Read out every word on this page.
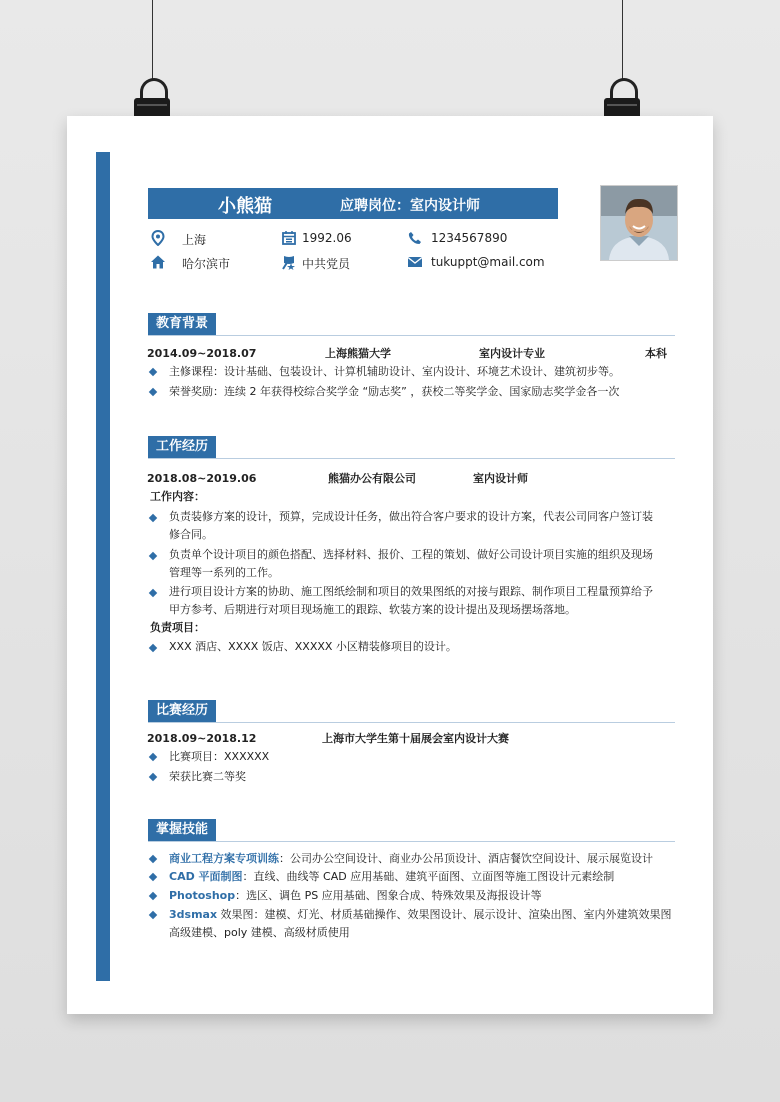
小熊猫	应聘岗位：室内设计师
上海	1992.06	1234567890
哈尔滨市	中共党员	tukuppt@mail.com
教育背景
2014.09~2018.07	上海熊猫大学	室内设计专业	本科
主修课程：设计基础、包装设计、计算机辅助设计、室内设计、环境艺术设计、建筑初步等。
荣誉奖励：连续 2 年获得校综合奖学金 “励志奖” ，获校二等奖学金、国家励志奖学金各一次
工作经历
2018.08~2019.06	熊猫办公有限公司	室内设计师
工作内容：
负责装修方案的设计，预算，完成设计任务，做出符合客户要求的设计方案，代表公司同客户签订装
修合同。
负责单个设计项目的颜色搭配、选择材料、报价、工程的策划、做好公司设计项目实施的组织及现场
管理等一系列的工作。
进行项目设计方案的协助、施工图纸绘制和项目的效果图纸的对接与跟踪、制作项目工程量预算给予
甲方参考、后期进行对项目现场施工的跟踪、软装方案的设计提出及现场摆场落地。
负责项目：
XXX 酒店、XXXX 饭店、XXXXX 小区精装修项目的设计。
比赛经历
2018.09~2018.12	上海市大学生第十届展会室内设计大赛
比赛项目：XXXXXX
荣获比赛二等奖
掌握技能
商业工程方案专项训练：公司办公空间设计、商业办公吊顶设计、酒店餐饮空间设计、展示展览设计
CAD 平面制图：直线、曲线等 CAD 应用基础、建筑平面图、立面图等施工图设计元素绘制
Photoshop：选区、调色 PS 应用基础、图象合成、特殊效果及海报设计等
3dsmax 效果图：建模、灯光、材质基础操作、效果图设计、展示设计、渲染出图、室内外建筑效果图
高级建模、poly 建模、高级材质使用
